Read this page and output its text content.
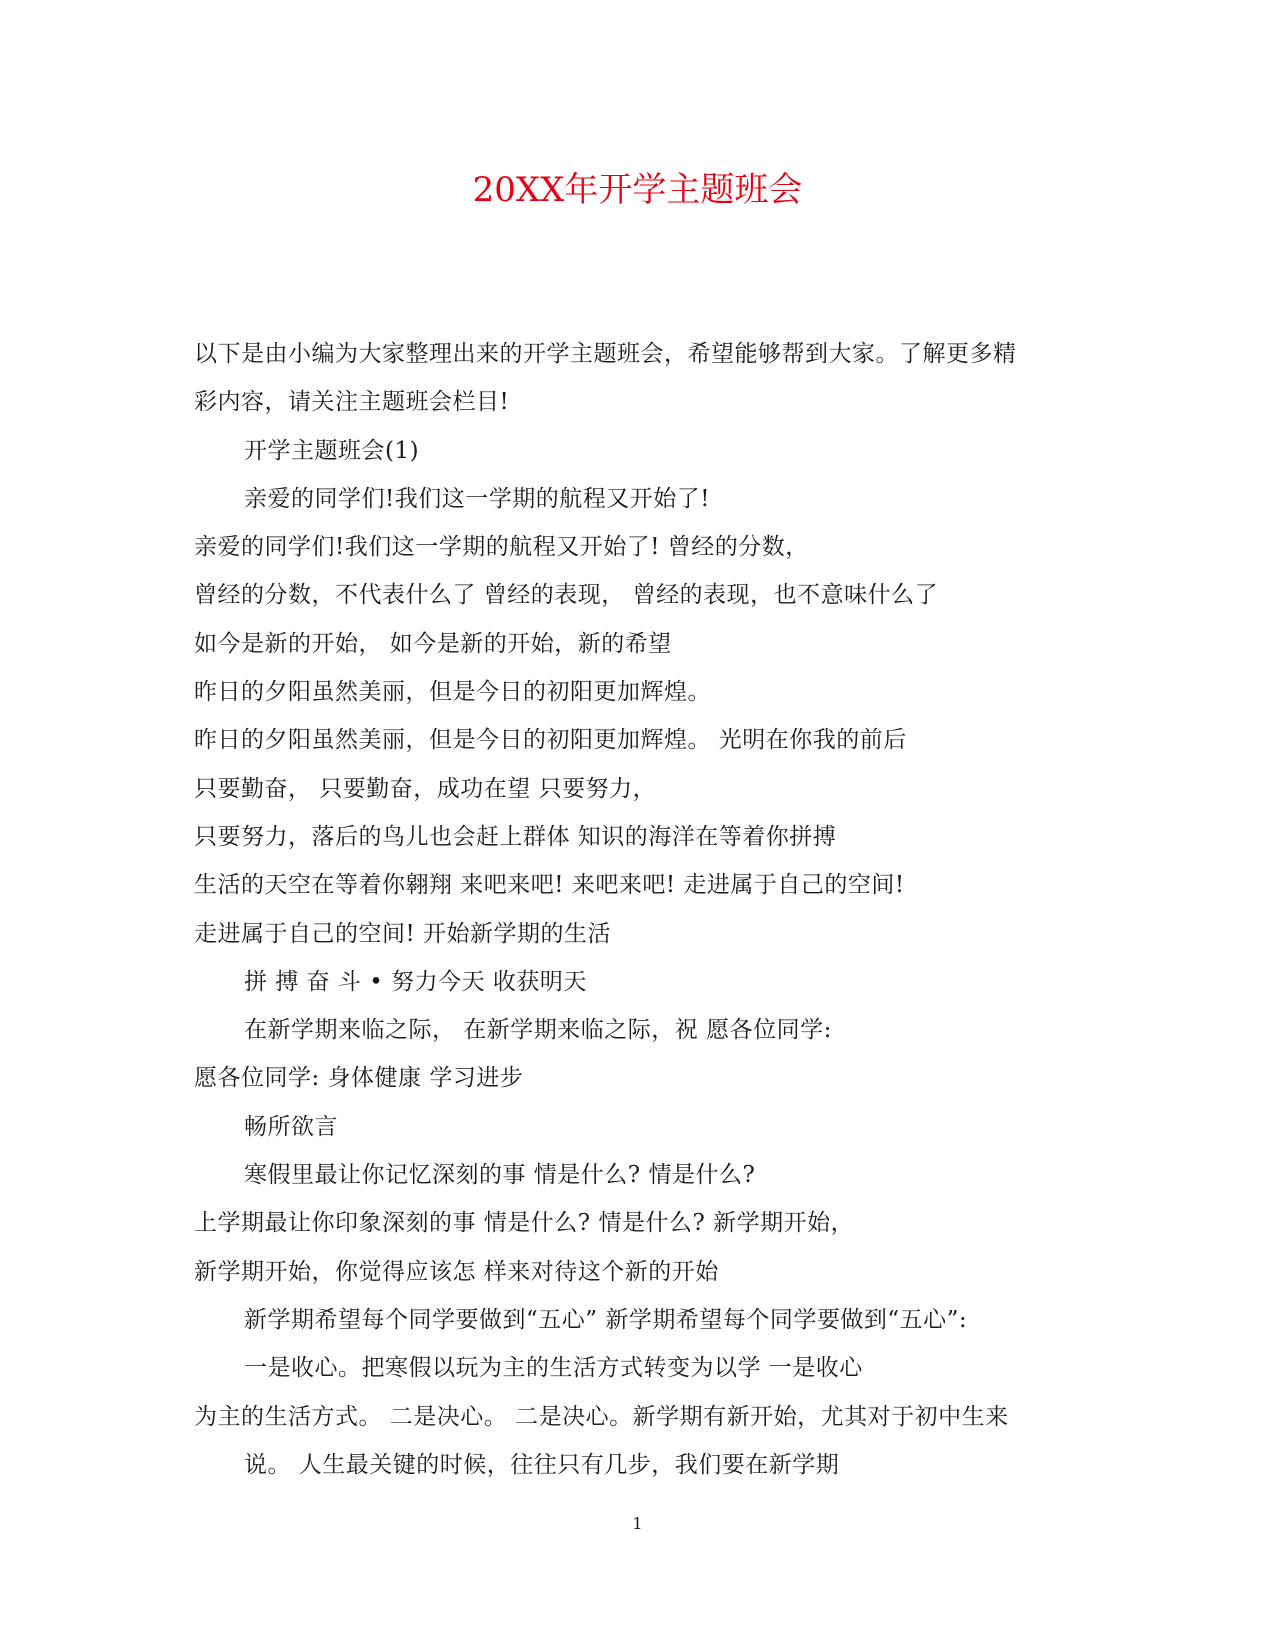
20XX年开学主题班会
以下是由小编为大家整理出来的开学主题班会，希望能够帮到大家。了解更多精
彩内容，请关注主题班会栏目!
开学主题班会(1)
亲爱的同学们!我们这一学期的航程又开始了!
亲爱的同学们!我们这一学期的航程又开始了! 曾经的分数，
曾经的分数，不代表什么了 曾经的表现， 曾经的表现，也不意味什么了
如今是新的开始， 如今是新的开始，新的希望
昨日的夕阳虽然美丽，但是今日的初阳更加辉煌。
昨日的夕阳虽然美丽，但是今日的初阳更加辉煌。 光明在你我的前后
只要勤奋， 只要勤奋，成功在望 只要努力，
只要努力，落后的鸟儿也会赶上群体 知识的海洋在等着你拼搏
生活的天空在等着你翱翔 来吧来吧! 来吧来吧! 走进属于自己的空间!
走进属于自己的空间! 开始新学期的生活
拼 搏 奋 斗 • 努力今天 收获明天
在新学期来临之际， 在新学期来临之际，祝 愿各位同学:
愿各位同学: 身体健康 学习进步
畅所欲言
寒假里最让你记忆深刻的事 情是什么? 情是什么?
上学期最让你印象深刻的事 情是什么? 情是什么? 新学期开始，
新学期开始，你觉得应该怎 样来对待这个新的开始
新学期希望每个同学要做到“五心” 新学期希望每个同学要做到“五心”:
一是收心。把寒假以玩为主的生活方式转变为以学 一是收心
为主的生活方式。 二是决心。 二是决心。新学期有新开始，尤其对于初中生来
说。 人生最关键的时候，往往只有几步，我们要在新学期
1
